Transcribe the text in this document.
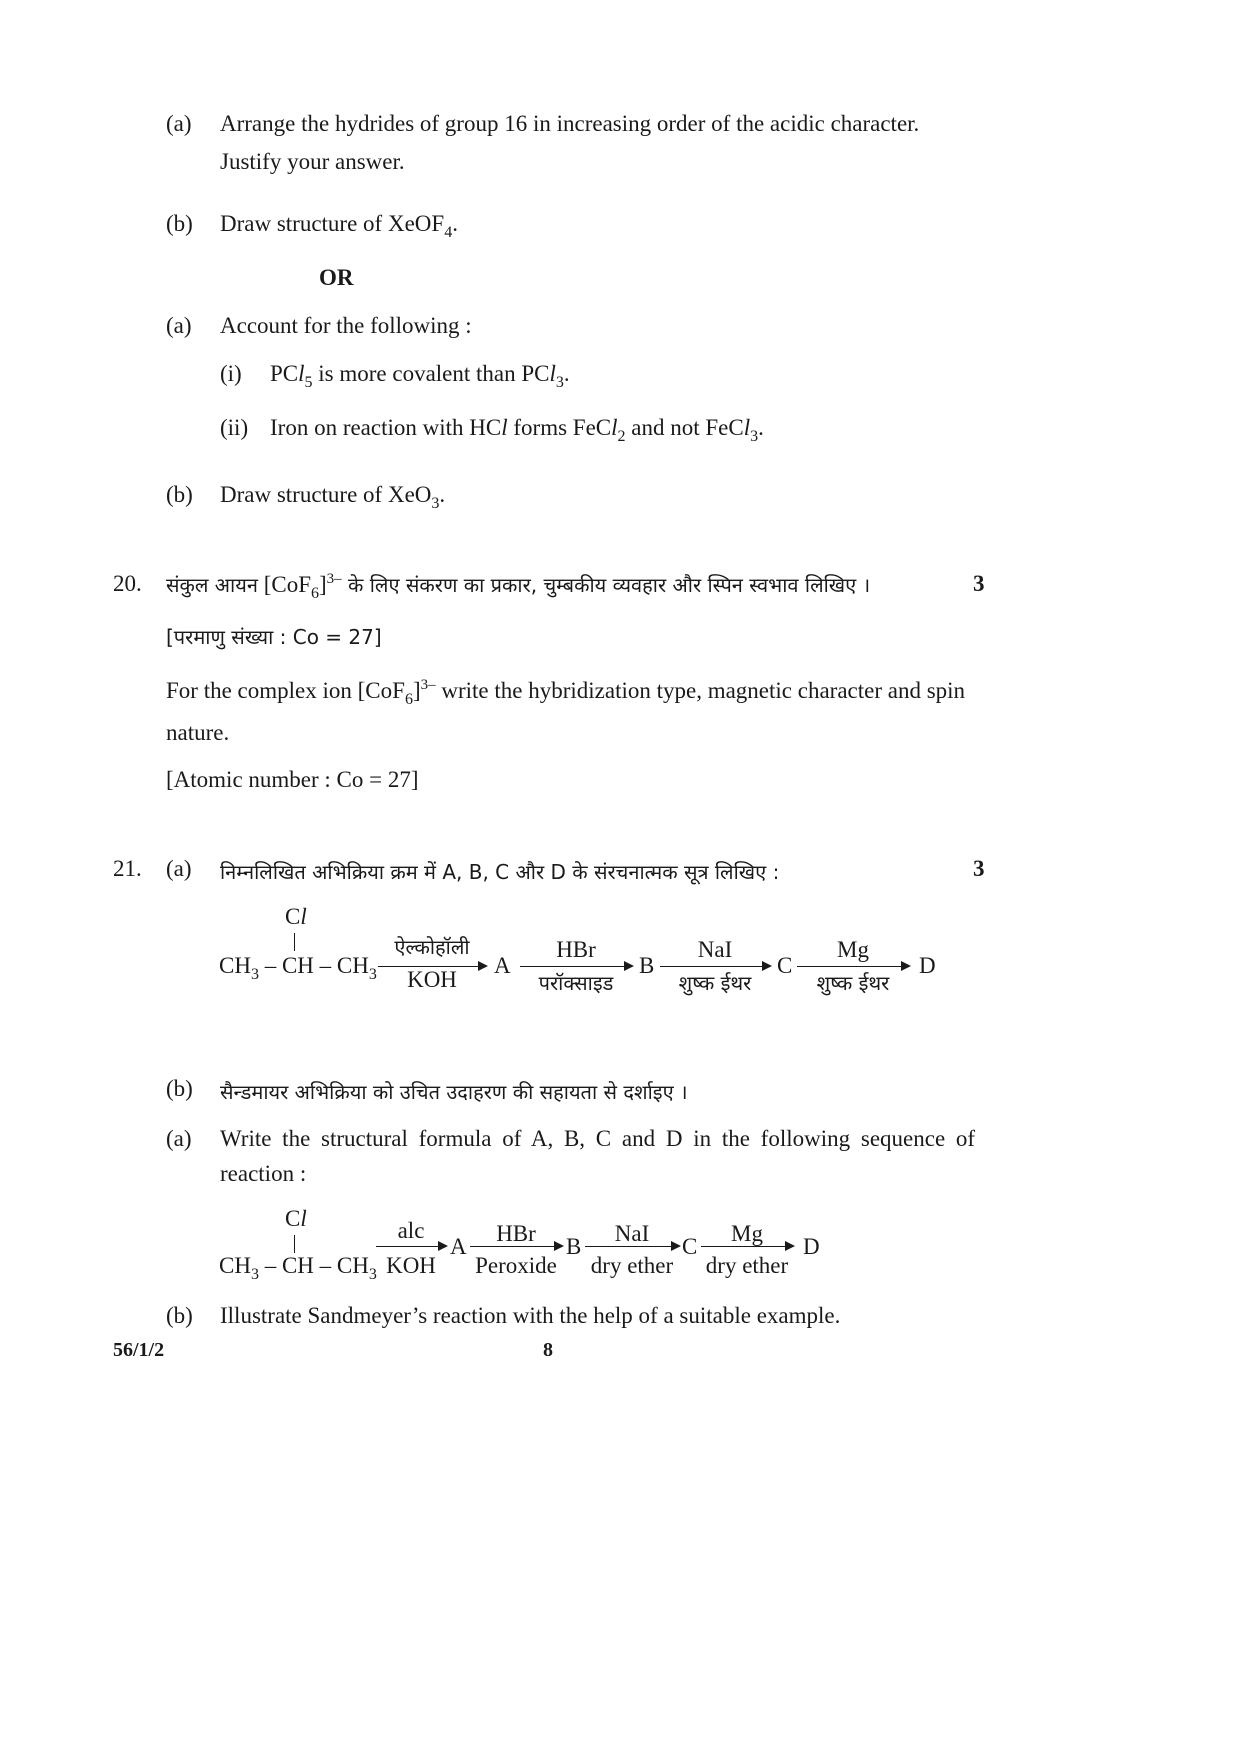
(a) Arrange the hydrides of group 16 in increasing order of the acidic character.
Justify your answer.
(b) Draw structure of XeOF$_4$.
OR
(a) Account for the following :
(i) PCl$_5$ is more covalent than PCl$_3$.
(ii) Iron on reaction with HCl forms FeCl$_2$ and not FeCl$_3$.
(b) Draw structure of XeO$_3$.
20. संकुल आयन $[CoF_6]^{3-}$ के लिए संकरण का प्रकार, चुम्बकीय व्यवहार और स्पिन स्वभाव लिखिए ।	3
[परमाणु संख्या : Co = 27]
For the complex ion $[CoF_6]^{3-}$ write the hybridization type, magnetic character and spin
nature.
[Atomic number : Co = 27]
21. (a) निम्नलिखित अभिक्रिया क्रम में A, B, C और D के संरचनात्मक सूत्र लिखिए :	3
Cl
$CH_3$ – CH – $CH_3$
ऐल्कोहॉली
KOH
A
HBr
परॉक्साइड
B
NaI
शुष्क ईथर
C
Mg
शुष्क ईथर
D
(b) सैन्डमायर अभिक्रिया को उचित उदाहरण की सहायता से दर्शाइए ।
(a) Write the structural formula of A, B, C and D in the following sequence of
reaction :
Cl
$CH_3$ – CH – $CH_3$
alc
KOH
A
HBr
Peroxide
B
NaI
dry ether
C
Mg
dry ether
D
(b) Illustrate Sandmeyer’s reaction with the help of a suitable example.
56/1/2	8
